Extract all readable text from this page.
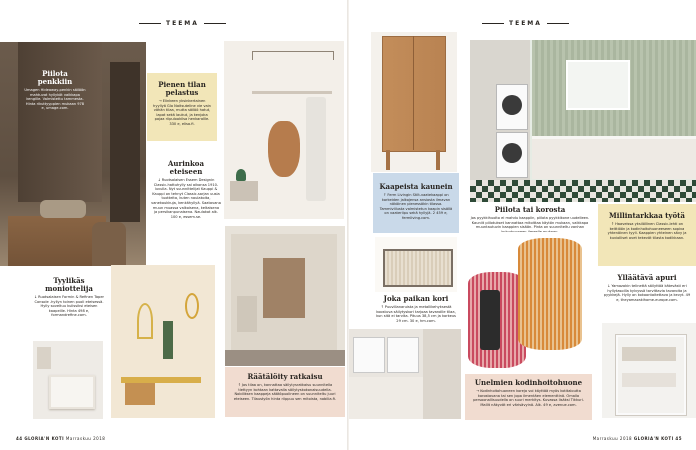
TEEMA	TEEMA
Piilota penkkiin

Umagen Hideaway-penkin säilöön mahtuvat hyllyköt vaikkapa kengille. Valmistettu tammesta. Hinta rikuttyyppien mukaan 978 e, umage.com.

Pienen tilan pelastus

→ Elinkeen yksinkertainen hyyllyä Glo Naitsuteline vie vain vähän tilaa, mutta säilöö hatut, lapat sekä laukut, ja kenjoka pajaa riipulookilsa henkarallle. 330 e, elisa.fi.

Aurinkoa eteiseen

↓ Ruotsalaisen Essem Designin Classic-hattuhylly sai aikonsa 1910-luvulla. Nyt suunnittelijat Kauppi & Kauppi on tehnyt Classic-sarjan uusia tuotteita, kuten naulakoita, vanekoukkuja, kenkähyllyä. Saatavana muun muassa valkoisena, keltaisena ja persikanpunaisena. Naulakot alk. 100 e, essem.se.

Tyylikäs moniottelija

↓ Ruotsalaisen Formin & Refinen Taper Console -hyllyn toinen puoli eteisessä. Hylly soveltuu kulissiksi eteisen kaapeille. Hinta 498 e, formandrefine.com.

Räätälöity ratkaisu

↑ Jos tilaa on, kannattaa säilytysratkaisu suunnitella tiettyyn kohtaan kattavalla säilytyskokonaisuudella. Nobiliksen kaappeja säätöpuolineen on suunniteltu juuri eteiseen. Tilaustyön hinta riippuu sen mitoista, nobilia.fi.

44 GLORIA'N KOTI Marraskuu 2018
Kaapeista kaunein

↑ Ferm Livingin Stilt-vaatekaappi on korkeiden jalkojensa ansiosta ilmavan näköinen pienessäkin tilassa. Tammiviilusta valmistetun kaapin sisällä on vaateriipu sekä hyllyjä. 2 459 e, fermliving.com.

Piilota tai korosta

Jos pyykkihuolto ei mahdu kaappiin, piilota pyykkikone uudelleen. Kauniit piilotukset kannattaa mitoittaa käytön mukaan, vaikkapa muuntautuvin kaappien sisään. Pinta on suunniteltu vanhan

Millintarkkaa työtä

↑ Haaveissa yksilöllinen Classic-lehti on keittiöön ja kodinhoitohuoneeseen sopiva yhtenäinen tyyli. Kaappien yhteinen sävy ja kuviolliset ovet tekevät tilasta kodikkaan.

Ylläätävä apuri

↓ Yamazakin telinettä säilyttää kätevästi eri hyllytasoilla kylvyssä tarvittavia tavaroita ja pyykkejä. Hylly on kokoontaitettava ja kevyt. 49 e, theyamazakihome-europe.com.

Joka paikan kori

↑ Puuvillanaruista ja metallikehyksestä koostuva säilytyskori tarjoaa tavaroille tilaa, kun sitä ei tarvita. Pituus 38,5 cm ja korkeus 29 cm. 30 e, hm.com.

Unelmien kodinhoitohuone

→ Kodinhoitohuoneen koreja voi käyttää myös kotitaloutta korostavana tai sen jopa ilmentäen elementtinä. Omalla persoonallisuudella on suuri merkitys. Kuvassa lisäksi Tikkuri. Mallit näkyvät eri värisävyinä. Alk. 49 e, avenue.com.

Marraskuu 2018 GLORIA'N KOTI 45
